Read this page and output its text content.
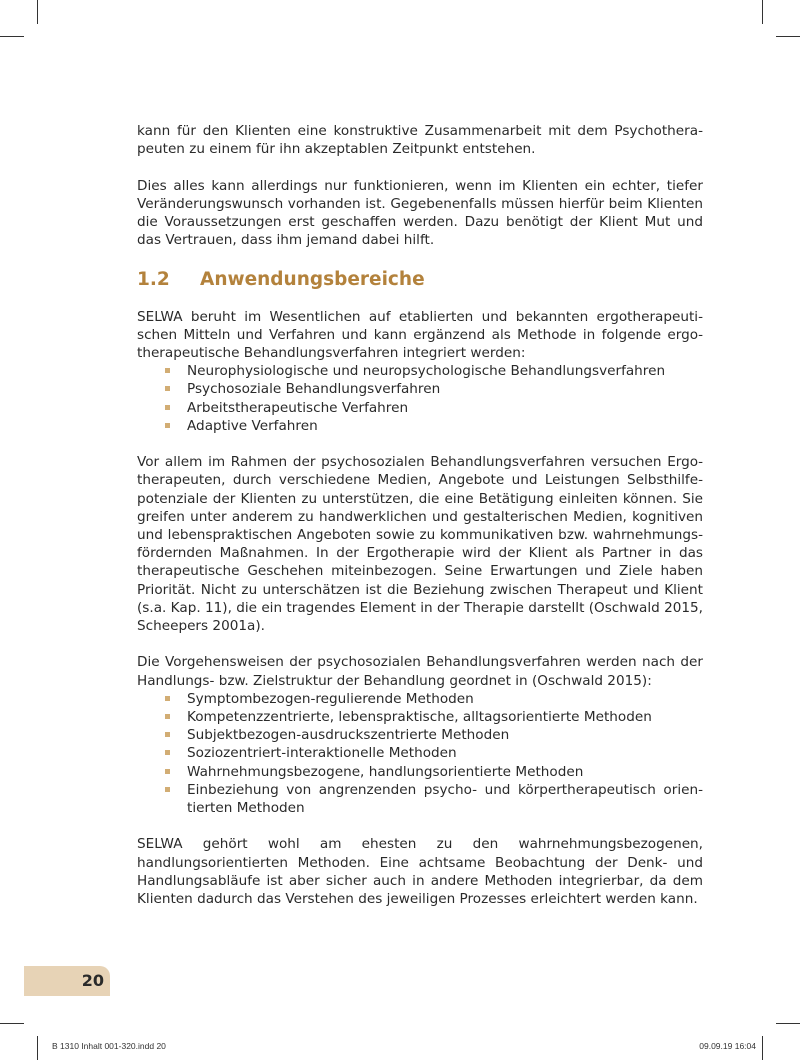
kann für den Klienten eine konstruktive Zusammenarbeit mit dem Psychotherapeuten zu einem für ihn akzeptablen Zeitpunkt entstehen.

Dies alles kann allerdings nur funktionieren, wenn im Klienten ein echter, tiefer Veränderungswunsch vorhanden ist. Gegebenenfalls müssen hierfür beim Klienten die Voraussetzungen erst geschaffen werden. Dazu benötigt der Klient Mut und das Vertrauen, dass ihm jemand dabei hilft.

1.2	Anwendungsbereiche

SELWA beruht im Wesentlichen auf etablierten und bekannten ergotherapeutischen Mitteln und Verfahren und kann ergänzend als Methode in folgende ergotherapeutische Behandlungsverfahren integriert werden:

Neurophysiologische und neuropsychologische Behandlungsverfahren
Psychosoziale Behandlungsverfahren
Arbeitstherapeutische Verfahren
Adaptive Verfahren

Vor allem im Rahmen der psychosozialen Behandlungsverfahren versuchen Ergotherapeuten, durch verschiedene Medien, Angebote und Leistungen Selbsthilfepotenziale der Klienten zu unterstützen, die eine Betätigung einleiten können. Sie greifen unter anderem zu handwerklichen und gestalterischen Medien, kognitiven und lebenspraktischen Angeboten sowie zu kommunikativen bzw. wahrnehmungsfördernden Maßnahmen. In der Ergotherapie wird der Klient als Partner in das therapeutische Geschehen miteinbezogen. Seine Erwartungen und Ziele haben Priorität. Nicht zu unterschätzen ist die Beziehung zwischen Therapeut und Klient (s.a. Kap. 11), die ein tragendes Element in der Therapie darstellt (Oschwald 2015, Scheepers 2001a).

Die Vorgehensweisen der psychosozialen Behandlungsverfahren werden nach der Handlungs- bzw. Zielstruktur der Behandlung geordnet in (Oschwald 2015):

Symptombezogen-regulierende Methoden
Kompetenzzentrierte, lebenspraktische, alltagsorientierte Methoden
Subjektbezogen-ausdruckszentrierte Methoden
Soziozentriert-interaktionelle Methoden
Wahrnehmungsbezogene, handlungsorientierte Methoden
Einbeziehung von angrenzenden psycho- und körpertherapeutisch orientierten Methoden

SELWA gehört wohl am ehesten zu den wahrnehmungsbezogenen, handlungsorientierten Methoden. Eine achtsame Beobachtung der Denk- und Handlungsabläufe ist aber sicher auch in andere Methoden integrierbar, da dem Klienten dadurch das Verstehen des jeweiligen Prozesses erleichtert werden kann.

20
B 1310 Inhalt 001-320.indd 20	09.09.19 16:04
